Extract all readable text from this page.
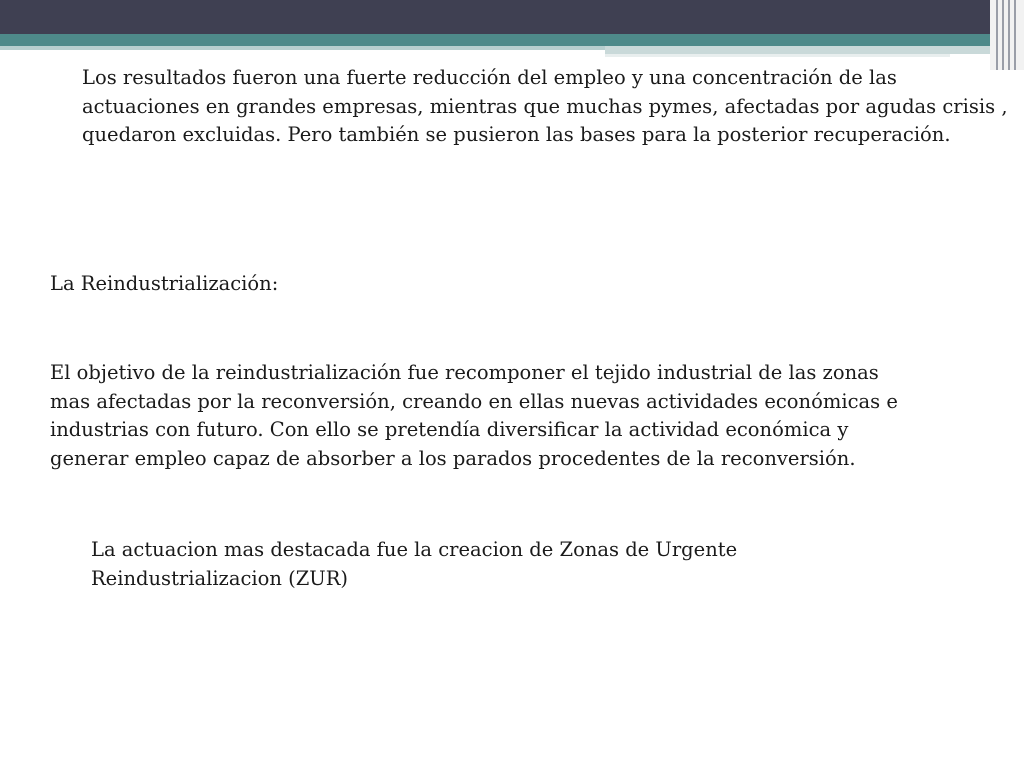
Los resultados fueron una fuerte reducción del empleo y una concentración de las actuaciones en grandes empresas, mientras que muchas pymes, afectadas por agudas crisis , quedaron excluidas. Pero también se pusieron las bases para la posterior recuperación.

La Reindustrialización:

El objetivo de la reindustrialización fue recomponer el tejido industrial de las zonas mas afectadas por la reconversión, creando en ellas nuevas actividades económicas e industrias con futuro. Con ello se pretendía diversificar la actividad económica y generar empleo capaz de absorber a los parados procedentes de la reconversión.

La actuacion mas destacada fue la creacion de Zonas de Urgente Reindustrializacion (ZUR)
